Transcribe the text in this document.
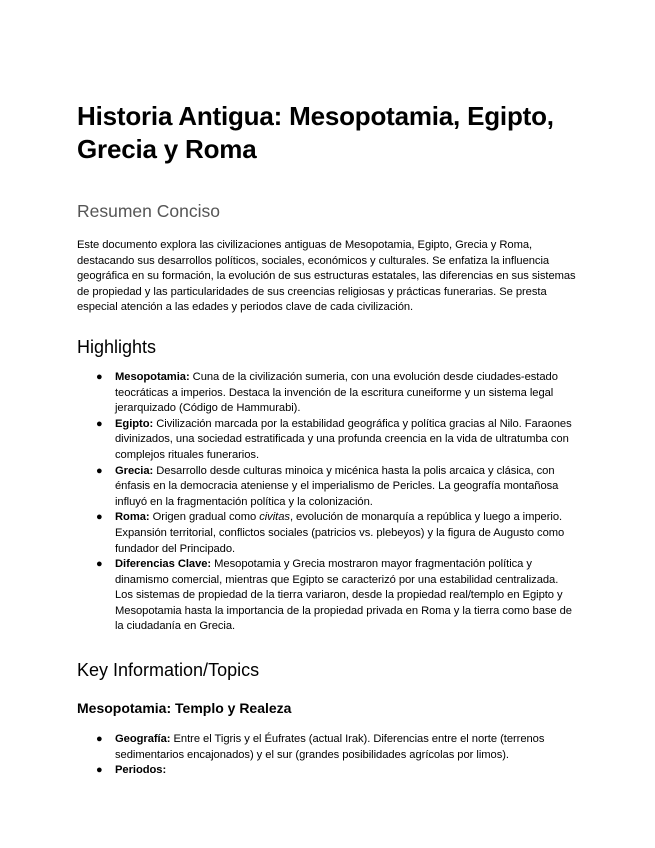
Historia Antigua: Mesopotamia, Egipto, Grecia y Roma
Resumen Conciso

Este documento explora las civilizaciones antiguas de Mesopotamia, Egipto, Grecia y Roma, destacando sus desarrollos políticos, sociales, económicos y culturales. Se enfatiza la influencia geográfica en su formación, la evolución de sus estructuras estatales, las diferencias en sus sistemas de propiedad y las particularidades de sus creencias religiosas y prácticas funerarias. Se presta especial atención a las edades y periodos clave de cada civilización.

Highlights
● Mesopotamia: Cuna de la civilización sumeria, con una evolución desde ciudades-estado teocráticas a imperios. Destaca la invención de la escritura cuneiforme y un sistema legal jerarquizado (Código de Hammurabi).
● Egipto: Civilización marcada por la estabilidad geográfica y política gracias al Nilo. Faraones divinizados, una sociedad estratificada y una profunda creencia en la vida de ultratumba con complejos rituales funerarios.
● Grecia: Desarrollo desde culturas minoica y micénica hasta la polis arcaica y clásica, con énfasis en la democracia ateniense y el imperialismo de Pericles. La geografía montañosa influyó en la fragmentación política y la colonización.
● Roma: Origen gradual como civitas, evolución de monarquía a república y luego a imperio. Expansión territorial, conflictos sociales (patricios vs. plebeyos) y la figura de Augusto como fundador del Principado.
● Diferencias Clave: Mesopotamia y Grecia mostraron mayor fragmentación política y dinamismo comercial, mientras que Egipto se caracterizó por una estabilidad centralizada. Los sistemas de propiedad de la tierra variaron, desde la propiedad real/templo en Egipto y Mesopotamia hasta la importancia de la propiedad privada en Roma y la tierra como base de la ciudadanía en Grecia.
Key Information/Topics
Mesopotamia: Templo y Realeza
● Geografía: Entre el Tigris y el Éufrates (actual Irak). Diferencias entre el norte (terrenos sedimentarios encajonados) y el sur (grandes posibilidades agrícolas por limos).
● Periodos:
